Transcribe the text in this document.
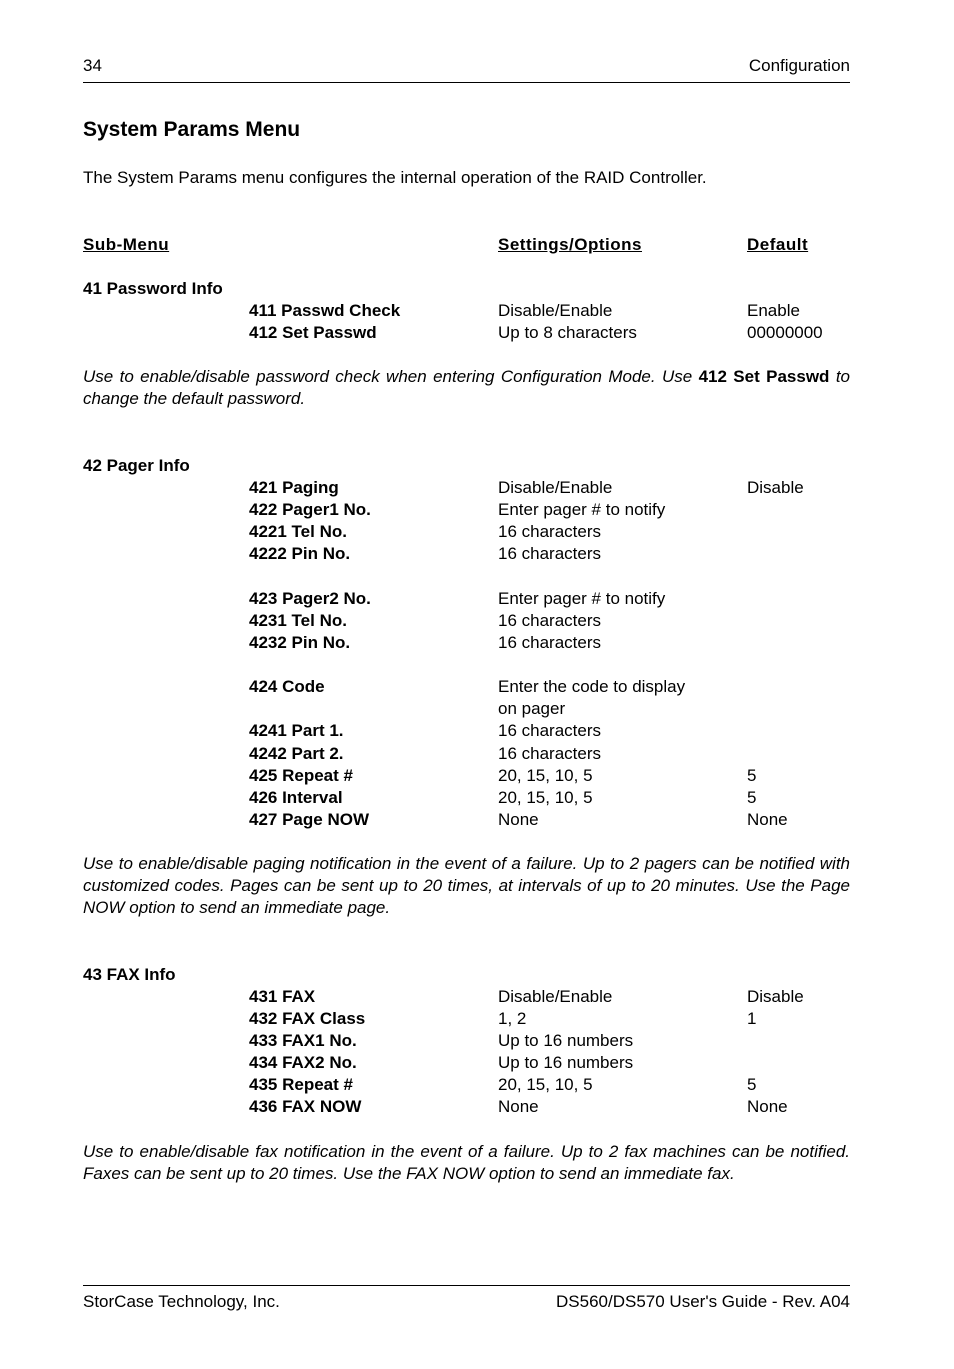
34	Configuration
System Params Menu

The System Params menu configures the internal operation of the RAID Controller.

Sub-Menu	Settings/Options	Default
41 Password Info
411 Passwd Check	Disable/Enable	Enable
412 Set Passwd	Up to 8 characters	00000000

Use to enable/disable password check when entering Configuration Mode. Use 412 Set Passwd to change the default password.

42 Pager Info
421 Paging	Disable/Enable	Disable
422 Pager1 No.	Enter pager # to notify
4221 Tel No.	16 characters
4222 Pin No.	16 characters
423 Pager2 No.	Enter pager # to notify
4231 Tel No.	16 characters
4232 Pin No.	16 characters
424 Code	Enter the code to display
on pager
4241 Part 1.	16 characters
4242 Part 2.	16 characters
425 Repeat #	20, 15, 10, 5	5
426 Interval	20, 15, 10, 5	5
427 Page NOW	None	None

Use to enable/disable paging notification in the event of a failure. Up to 2 pagers can be notified with customized codes. Pages can be sent up to 20 times, at intervals of up to 20 minutes. Use the Page NOW option to send an immediate page.

43 FAX Info
431 FAX	Disable/Enable	Disable
432 FAX Class	1, 2	1
433 FAX1 No.	Up to 16 numbers
434 FAX2 No.	Up to 16 numbers
435 Repeat #	20, 15, 10, 5	5
436 FAX NOW	None	None

Use to enable/disable fax notification in the event of a failure. Up to 2 fax machines can be notified. Faxes can be sent up to 20 times. Use the FAX NOW option to send an immediate fax.

StorCase Technology, Inc.	DS560/DS570 User's Guide - Rev. A04
